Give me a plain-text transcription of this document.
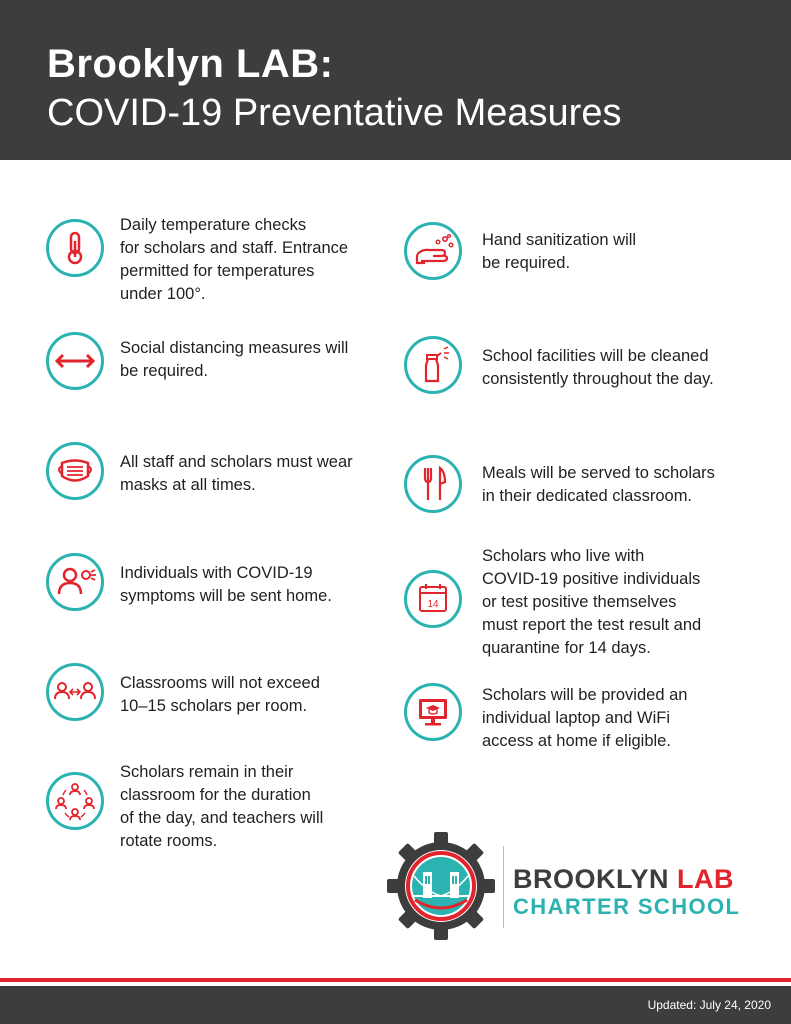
Brooklyn LAB:
COVID-19 Preventative Measures
Daily temperature checks
for scholars and staff. Entrance
permitted for temperatures
under 100°.
Social distancing measures will
be required.
All staff and scholars must wear
masks at all times.
Individuals with COVID-19
symptoms will be sent home.
Classrooms will not exceed
10–15 scholars per room.
Scholars remain in their
classroom for the duration
of the day, and teachers will
rotate rooms.
Hand sanitization will
be required.
School facilities will be cleaned
consistently throughout the day.
Meals will be served to scholars
in their dedicated classroom.
14
Scholars who live with
COVID-19 positive individuals
or test positive themselves
must report the test result and
quarantine for 14 days.
Scholars will be provided an
individual laptop and WiFi
access at home if eligible.
BROOKLYN LAB
CHARTER SCHOOL
Updated: July 24, 2020
